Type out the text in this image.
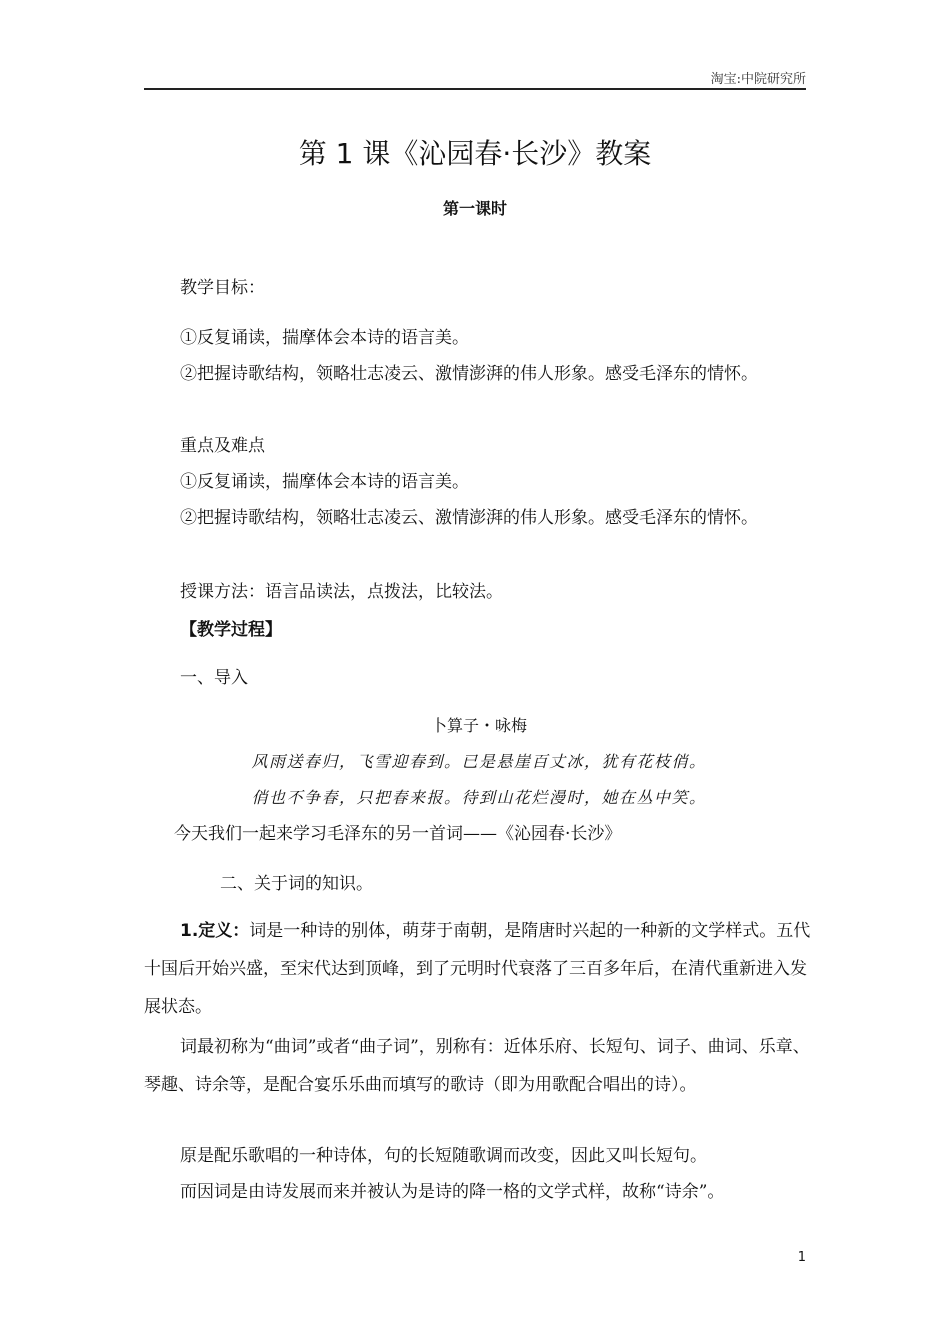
淘宝:中院研究所
第 1 课《沁园春·长沙》教案
第一课时

教学目标：

①反复诵读，揣摩体会本诗的语言美。

②把握诗歌结构，领略壮志凌云、激情澎湃的伟人形象。感受毛泽东的情怀。

重点及难点

①反复诵读，揣摩体会本诗的语言美。

②把握诗歌结构，领略壮志凌云、激情澎湃的伟人形象。感受毛泽东的情怀。

授课方法：语言品读法，点拨法，比较法。

【教学过程】

一、导入

卜算子・咏梅

风雨送春归，飞雪迎春到。已是悬崖百丈冰，犹有花枝俏。

俏也不争春，只把春来报。待到山花烂漫时，她在丛中笑。

今天我们一起来学习毛泽东的另一首词——《沁园春·长沙》

二、关于词的知识。

1.定义：词是一种诗的别体，萌芽于南朝，是隋唐时兴起的一种新的文学样式。五代十国后开始兴盛，至宋代达到顶峰，到了元明时代衰落了三百多年后，在清代重新进入发展状态。

词最初称为“曲词”或者“曲子词”，别称有：近体乐府、长短句、词子、曲词、乐章、琴趣、诗余等，是配合宴乐乐曲而填写的歌诗（即为用歌配合唱出的诗）。

原是配乐歌唱的一种诗体，句的长短随歌调而改变，因此又叫长短句。

而因词是由诗发展而来并被认为是诗的降一格的文学式样，故称“诗余”。

1
